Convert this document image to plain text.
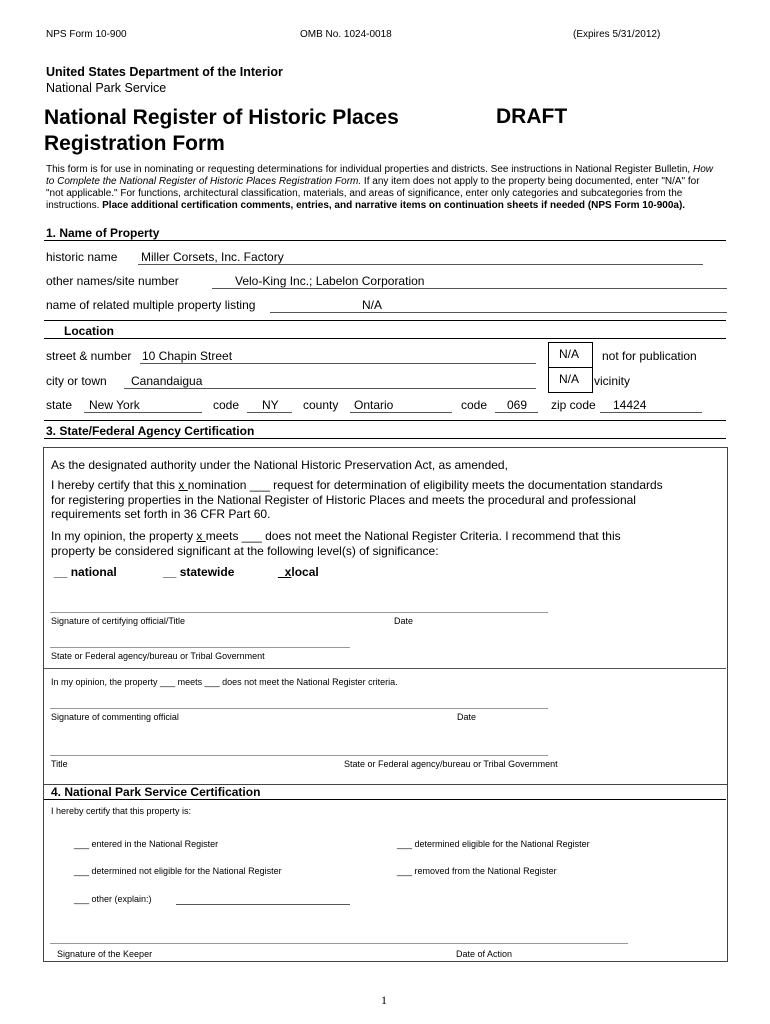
NPS Form 10-900	OMB No. 1024-0018	(Expires 5/31/2012)
United States Department of the Interior
National Park Service
National Register of Historic Places
Registration Form
DRAFT
This form is for use in nominating or requesting determinations for individual properties and districts. See instructions in National Register Bulletin, How
to Complete the National Register of Historic Places Registration Form. If any item does not apply to the property being documented, enter "N/A" for
"not applicable." For functions, architectural classification, materials, and areas of significance, enter only categories and subcategories from the
instructions. Place additional certification comments, entries, and narrative items on continuation sheets if needed (NPS Form 10-900a).
1. Name of Property
historic name Miller Corsets, Inc. Factory
other names/site number	Velo-King Inc.; Labelon Corporation
name of related multiple property listing	N/A
Location
street & number 10 Chapin Street	N/A not for publication
city or town Canandaigua	N/A vicinity
state New York	code NY county Ontario	code 069 zip code 14424
3. State/Federal Agency Certification
As the designated authority under the National Historic Preservation Act, as amended,
I hereby certify that this x nomination ___ request for determination of eligibility meets the documentation standards
for registering properties in the National Register of Historic Places and meets the procedural and professional
requirements set forth in 36 CFR Part 60.
In my opinion, the property x meets ___ does not meet the National Register Criteria. I recommend that this
property be considered significant at the following level(s) of significance:
__ national	__ statewide	_xlocal
Signature of certifying official/Title	Date
State or Federal agency/bureau or Tribal Government
In my opinion, the property ___ meets ___ does not meet the National Register criteria.
Signature of commenting official	Date
Title	State or Federal agency/bureau or Tribal Government
4. National Park Service Certification
I hereby certify that this property is:
___ entered in the National Register	___ determined eligible for the National Register
___ determined not eligible for the National Register	___ removed from the National Register
___ other (explain:)
Signature of the Keeper	Date of Action
1
